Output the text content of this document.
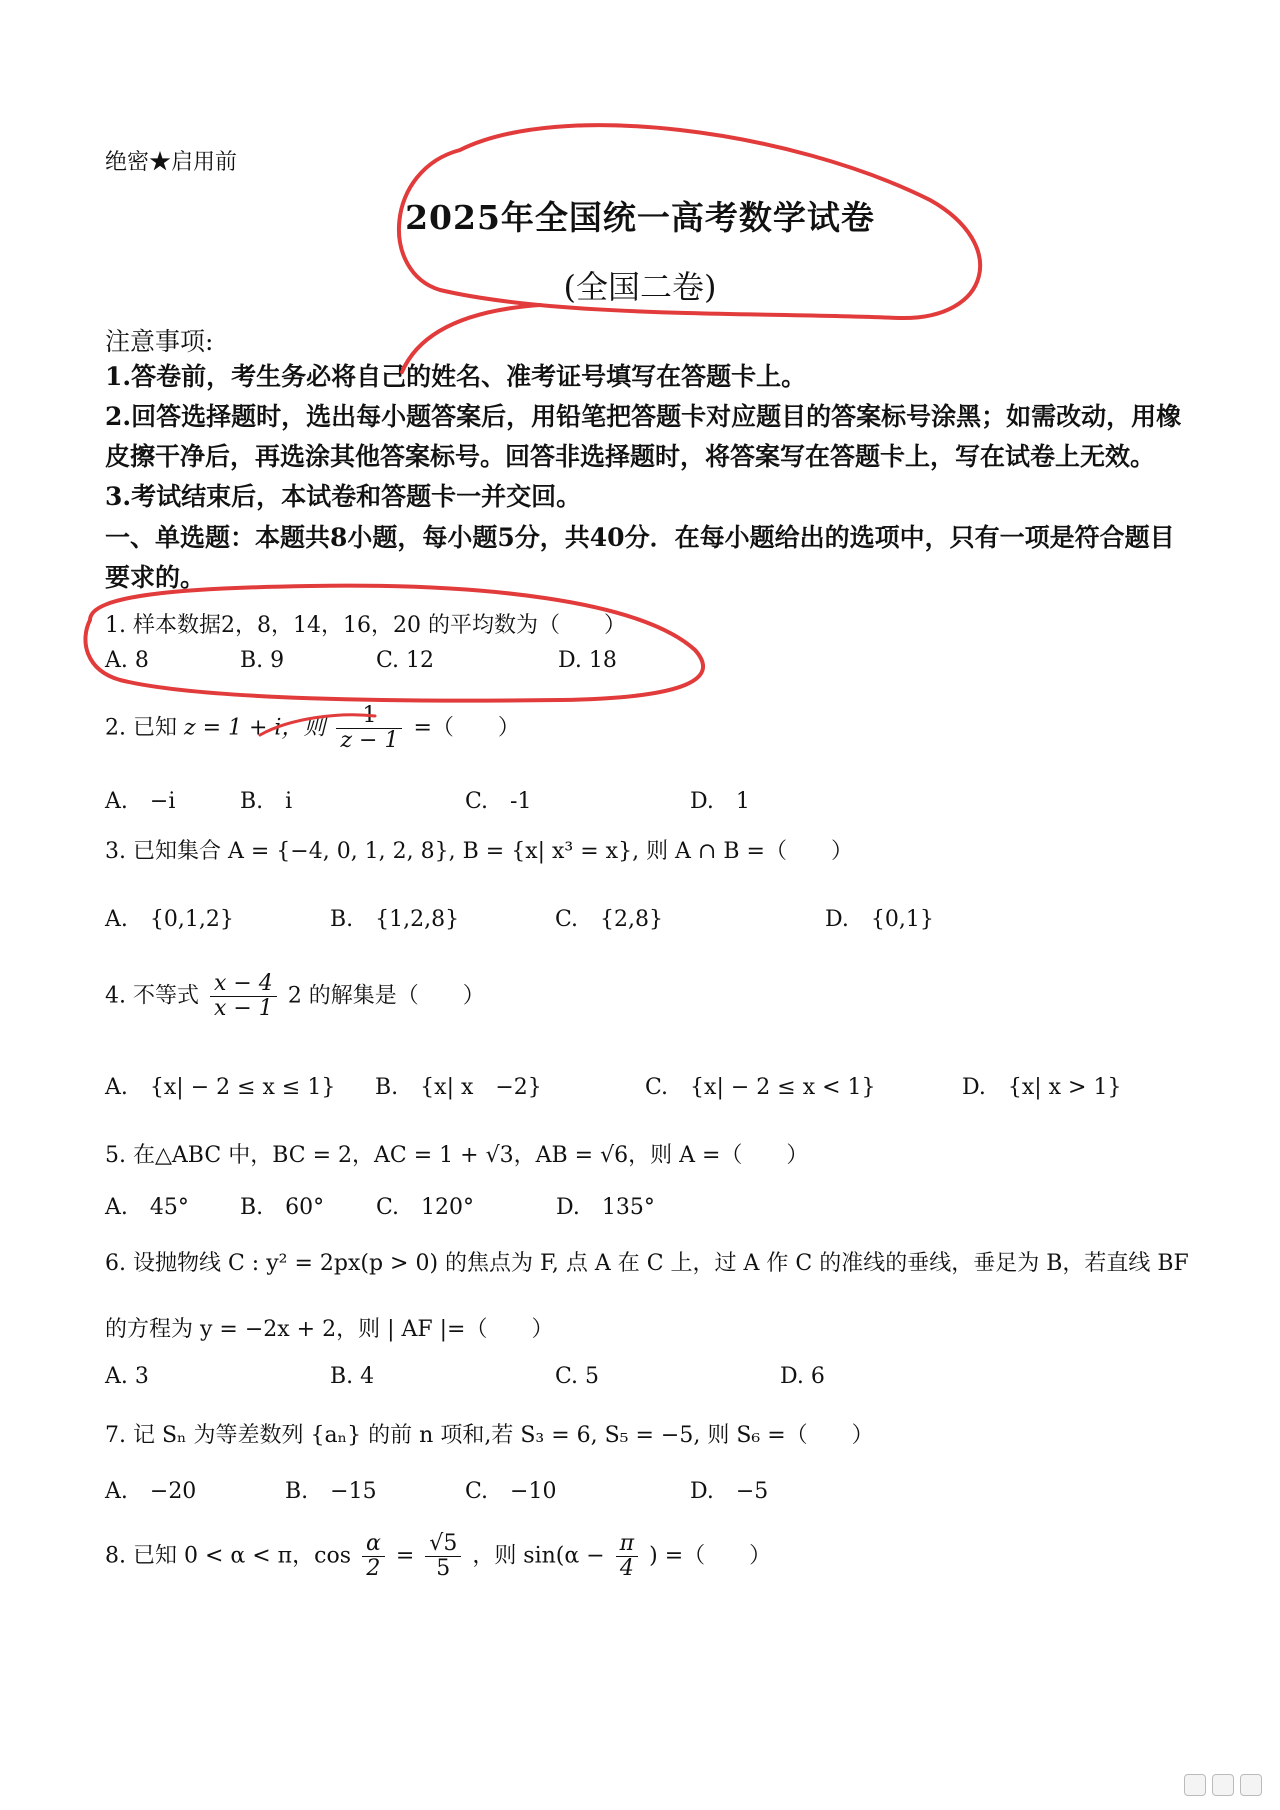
绝密★启用前
2025年全国统一高考数学试卷
(全国二卷)
注意事项:
1.答卷前，考生务必将自己的姓名、准考证号填写在答题卡上。
2.回答选择题时，选出每小题答案后，用铅笔把答题卡对应题目的答案标号涂黑；如需改动，用橡皮擦干净后，再选涂其他答案标号。回答非选择题时，将答案写在答题卡上，写在试卷上无效。
3.考试结束后，本试卷和答题卡一并交回。
一、单选题：本题共8小题，每小题5分，共40分．在每小题给出的选项中，只有一项是符合题目要求的。
1. 样本数据2，8，14，16，20 的平均数为（　　）
A. 8	B. 9	C. 12	D. 18
2. 已知 z = 1 + i，则 $\frac{1}{z - 1}$ =（　　）
A.　−i	B.　i	C.　-1	D.　1
3. 已知集合 A = {−4, 0, 1, 2, 8}, B = {x| x³ = x}, 则 A ∩ B =（　　）
A.　{0,1,2}	B.　{1,2,8}	C.　{2,8}	D.　{0,1}
4. 不等式 $\frac{x - 4}{x - 1} 2$ 的解集是（　　）
A.　{x| − 2 ≤ x ≤ 1} B.　{x| x　−2}	C.　{x| − 2 ≤ x < 1}	D.　{x| x > 1}
5. 在△ABC 中，BC = 2，AC = 1 + √3，AB = √6，则 A =（　　）
A.　45° B.　60° C.　120°	D.　135°
6. 设抛物线 C : y² = 2px(p > 0) 的焦点为 F, 点 A 在 C 上，过 A 作 C 的准线的垂线，垂足为 B，若直线 BF
的方程为 y = −2x + 2，则 | AF |=（　　）
A. 3	B. 4	C. 5	D. 6
7. 记 Sₙ 为等差数列 {aₙ} 的前 n 项和,若 S₃ = 6, S₅ = −5, 则 S₆ =（　　）
A.　−20	B.　−15	C.　−10	D.　−5
8. 已知 0 < α < π，$\cos \frac{\alpha}{2} = \frac{√5}{5}$ ，则 $\sin(\alpha - \frac{\pi}{4}$ ) =（　　）
